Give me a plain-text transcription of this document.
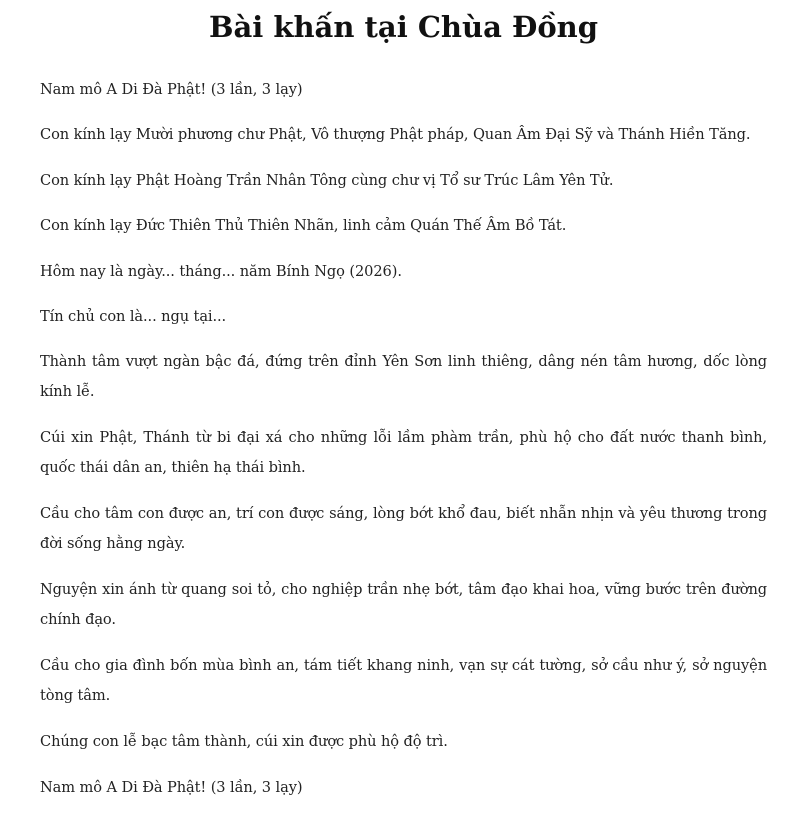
Bài khấn tại Chùa Đồng

Nam mô A Di Đà Phật! (3 lần, 3 lạy)

Con kính lạy Mười phương chư Phật, Vô thượng Phật pháp, Quan Âm Đại Sỹ và Thánh Hiền Tăng.

Con kính lạy Phật Hoàng Trần Nhân Tông cùng chư vị Tổ sư Trúc Lâm Yên Tử.

Con kính lạy Đức Thiên Thủ Thiên Nhãn, linh cảm Quán Thế Âm Bồ Tát.

Hôm nay là ngày... tháng... năm Bính Ngọ (2026).

Tín chủ con là... ngụ tại...

Thành tâm vượt ngàn bậc đá, đứng trên đỉnh Yên Sơn linh thiêng, dâng nén tâm hương, dốc lòng kính lễ.

Cúi xin Phật, Thánh từ bi đại xá cho những lỗi lầm phàm trần, phù hộ cho đất nước thanh bình, quốc thái dân an, thiên hạ thái bình.

Cầu cho tâm con được an, trí con được sáng, lòng bớt khổ đau, biết nhẫn nhịn và yêu thương trong đời sống hằng ngày.

Nguyện xin ánh từ quang soi tỏ, cho nghiệp trần nhẹ bớt, tâm đạo khai hoa, vững bước trên đường chính đạo.

Cầu cho gia đình bốn mùa bình an, tám tiết khang ninh, vạn sự cát tường, sở cầu như ý, sở nguyện tòng tâm.

Chúng con lễ bạc tâm thành, cúi xin được phù hộ độ trì.

Nam mô A Di Đà Phật! (3 lần, 3 lạy)
